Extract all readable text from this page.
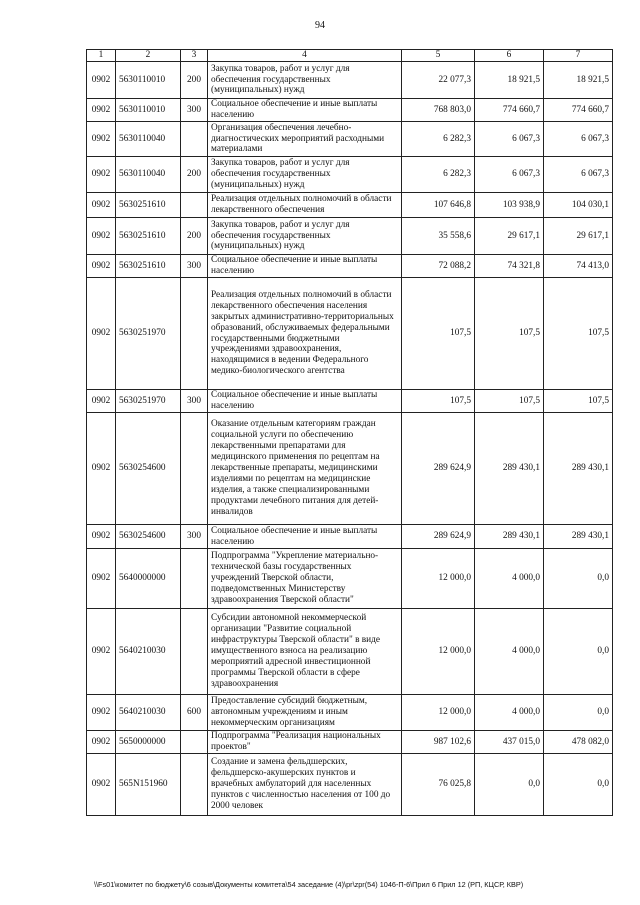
94
1	2	3	4	5	6	7
0902	5630110010	200	Закупка товаров, работ и услуг для обеспечения государственных (муниципальных) нужд	22 077,3	18 921,5	18 921,5
0902	5630110010	300	Социальное обеспечение и иные выплаты населению	768 803,0	774 660,7	774 660,7
0902	5630110040		Организация обеспечения лечебно-диагностических мероприятий расходными материалами	6 282,3	6 067,3	6 067,3
0902	5630110040	200	Закупка товаров, работ и услуг для обеспечения государственных (муниципальных) нужд	6 282,3	6 067,3	6 067,3
0902	5630251610		Реализация отдельных полномочий в области лекарственного обеспечения	107 646,8	103 938,9	104 030,1
0902	5630251610	200	Закупка товаров, работ и услуг для обеспечения государственных (муниципальных) нужд	35 558,6	29 617,1	29 617,1
0902	5630251610	300	Социальное обеспечение и иные выплаты населению	72 088,2	74 321,8	74 413,0
0902	5630251970		Реализация отдельных полномочий в области лекарственного обеспечения населения закрытых административно-территориальных образований, обслуживаемых федеральными государственными бюджетными учреждениями здравоохранения, находящимися в ведении Федерального медико-биологического агентства	107,5	107,5	107,5
0902	5630251970	300	Социальное обеспечение и иные выплаты населению	107,5	107,5	107,5
0902	5630254600		Оказание отдельным категориям граждан социальной услуги по обеспечению лекарственными препаратами для медицинского применения по рецептам на лекарственные препараты, медицинскими изделиями по рецептам на медицинские изделия, а также специализированными продуктами лечебного питания для детей-инвалидов	289 624,9	289 430,1	289 430,1
0902	5630254600	300	Социальное обеспечение и иные выплаты населению	289 624,9	289 430,1	289 430,1
0902	5640000000		Подпрограмма "Укрепление материально-технической базы государственных учреждений Тверской области, подведомственных Министерству здравоохранения Тверской области"	12 000,0	4 000,0	0,0
0902	5640210030		Субсидии автономной некоммерческой организации "Развитие социальной инфраструктуры Тверской области" в виде имущественного взноса на реализацию мероприятий адресной инвестиционной программы Тверской области в сфере здравоохранения	12 000,0	4 000,0	0,0
0902	5640210030	600	Предоставление субсидий бюджетным, автономным учреждениям и иным некоммерческим организациям	12 000,0	4 000,0	0,0
0902	5650000000		Подпрограмма "Реализация национальных проектов"	987 102,6	437 015,0	478 082,0
0902	565N151960		Создание и замена фельдшерских, фельдшерско-акушерских пунктов и врачебных амбулаторий для населенных пунктов с численностью населения от 100 до 2000 человек	76 025,8	0,0	0,0
\\Fs01\комитет по бюджету\6 созыв\Документы комитета\54 заседание (4)\pr\zpr(54) 1046-П-6\Прил 6 Прил 12 (РП, КЦСР, КВР)
